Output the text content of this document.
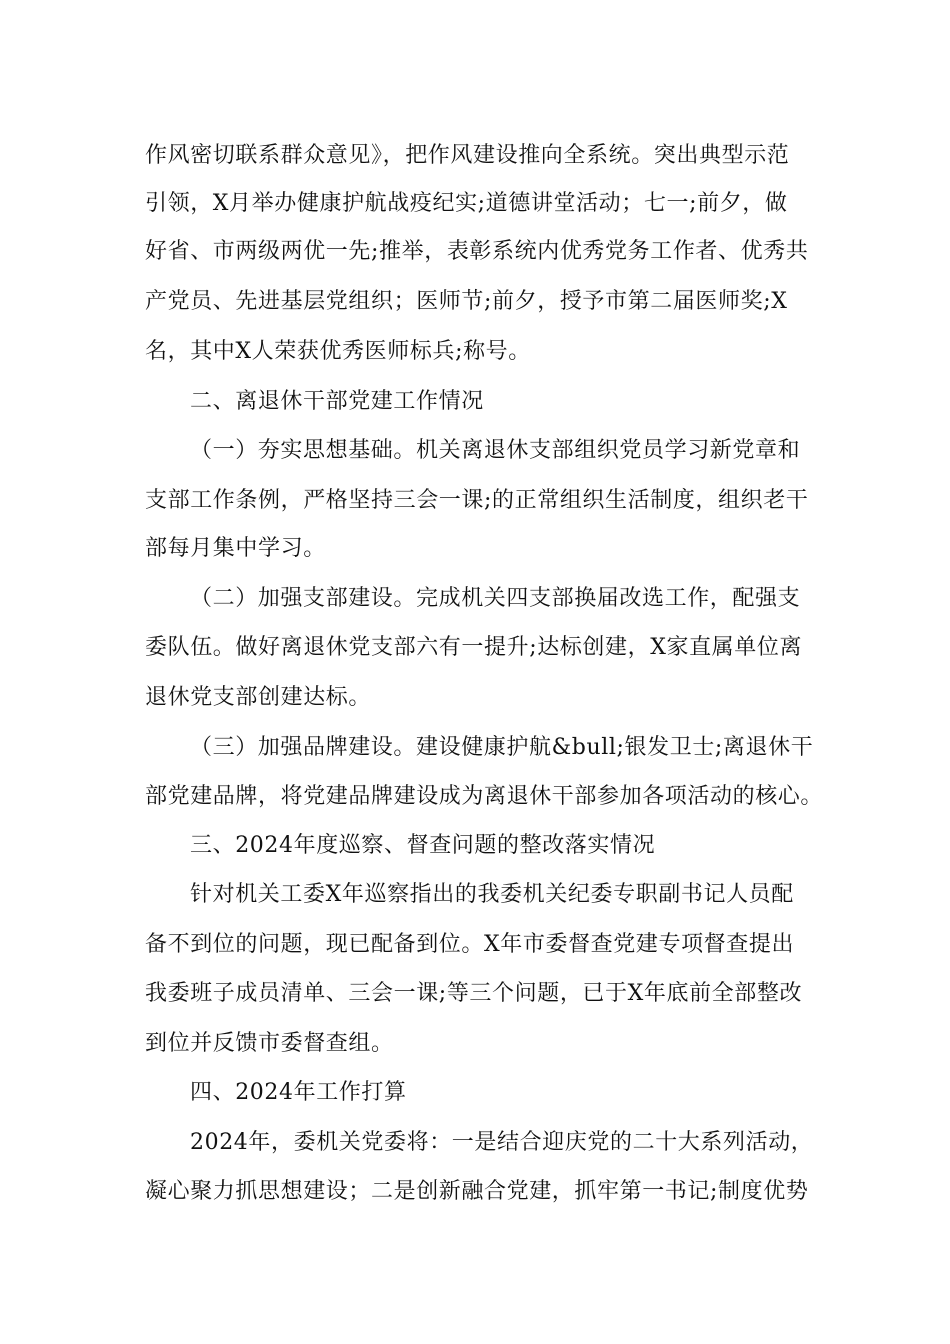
作风密切联系群众意见》，把作风建设推向全系统。突出典型示范

引领，X月举办健康护航战疫纪实;道德讲堂活动；七一;前夕，做

好省、市两级两优一先;推举，表彰系统内优秀党务工作者、优秀共

产党员、先进基层党组织；医师节;前夕，授予市第二届医师奖;X

名，其中X人荣获优秀医师标兵;称号。

二、离退休干部党建工作情况

（一）夯实思想基础。机关离退休支部组织党员学习新党章和

支部工作条例，严格坚持三会一课;的正常组织生活制度，组织老干

部每月集中学习。

（二）加强支部建设。完成机关四支部换届改选工作，配强支

委队伍。做好离退休党支部六有一提升;达标创建，X家直属单位离

退休党支部创建达标。

（三）加强品牌建设。建设健康护航&bull;银发卫士;离退休干

部党建品牌，将党建品牌建设成为离退休干部参加各项活动的核心。

三、2024年度巡察、督查问题的整改落实情况

针对机关工委X年巡察指出的我委机关纪委专职副书记人员配

备不到位的问题，现已配备到位。X年市委督查党建专项督查提出

我委班子成员清单、三会一课;等三个问题，已于X年底前全部整改

到位并反馈市委督查组。

四、2024年工作打算

2024年，委机关党委将：一是结合迎庆党的二十大系列活动，

凝心聚力抓思想建设；二是创新融合党建，抓牢第一书记;制度优势
